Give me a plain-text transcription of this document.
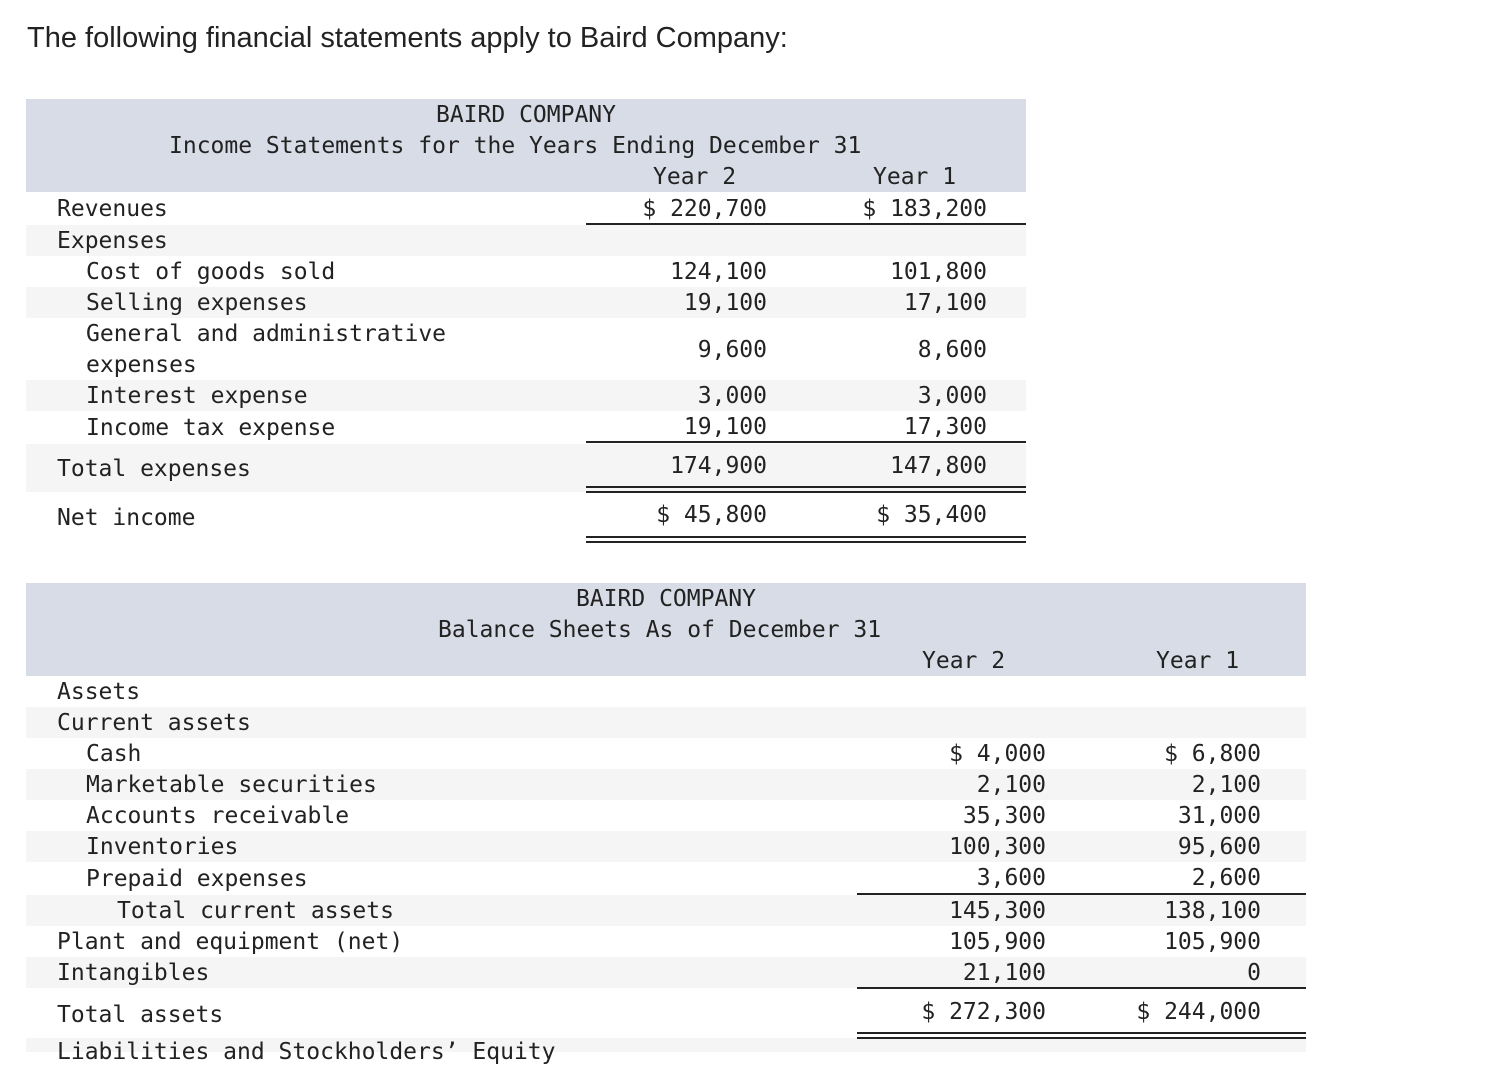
The following financial statements apply to Baird Company:
BAIRD COMPANY
Income Statements for the Years Ending December 31
Year 2	Year 1
Revenues	$ 220,700	$ 183,200
Expenses
Cost of goods sold	124,100	101,800
Selling expenses	19,100	17,100
General and administrative
expenses
9,600	8,600
Interest expense	3,000	3,000
Income tax expense	19,100	17,300
Total expenses	174,900	147,800
Net income	$ 45,800	$ 35,400
BAIRD COMPANY
Balance Sheets As of December 31
Year 2	Year 1
Assets
Current assets
Cash	$ 4,000	$ 6,800
Marketable securities	2,100	2,100
Accounts receivable	35,300	31,000
Inventories	100,300	95,600
Prepaid expenses	3,600	2,600
Total current assets	145,300	138,100
Plant and equipment (net)	105,900	105,900
Intangibles	21,100	0
Total assets	$ 272,300	$ 244,000
Liabilities and Stockholders’ Equity
